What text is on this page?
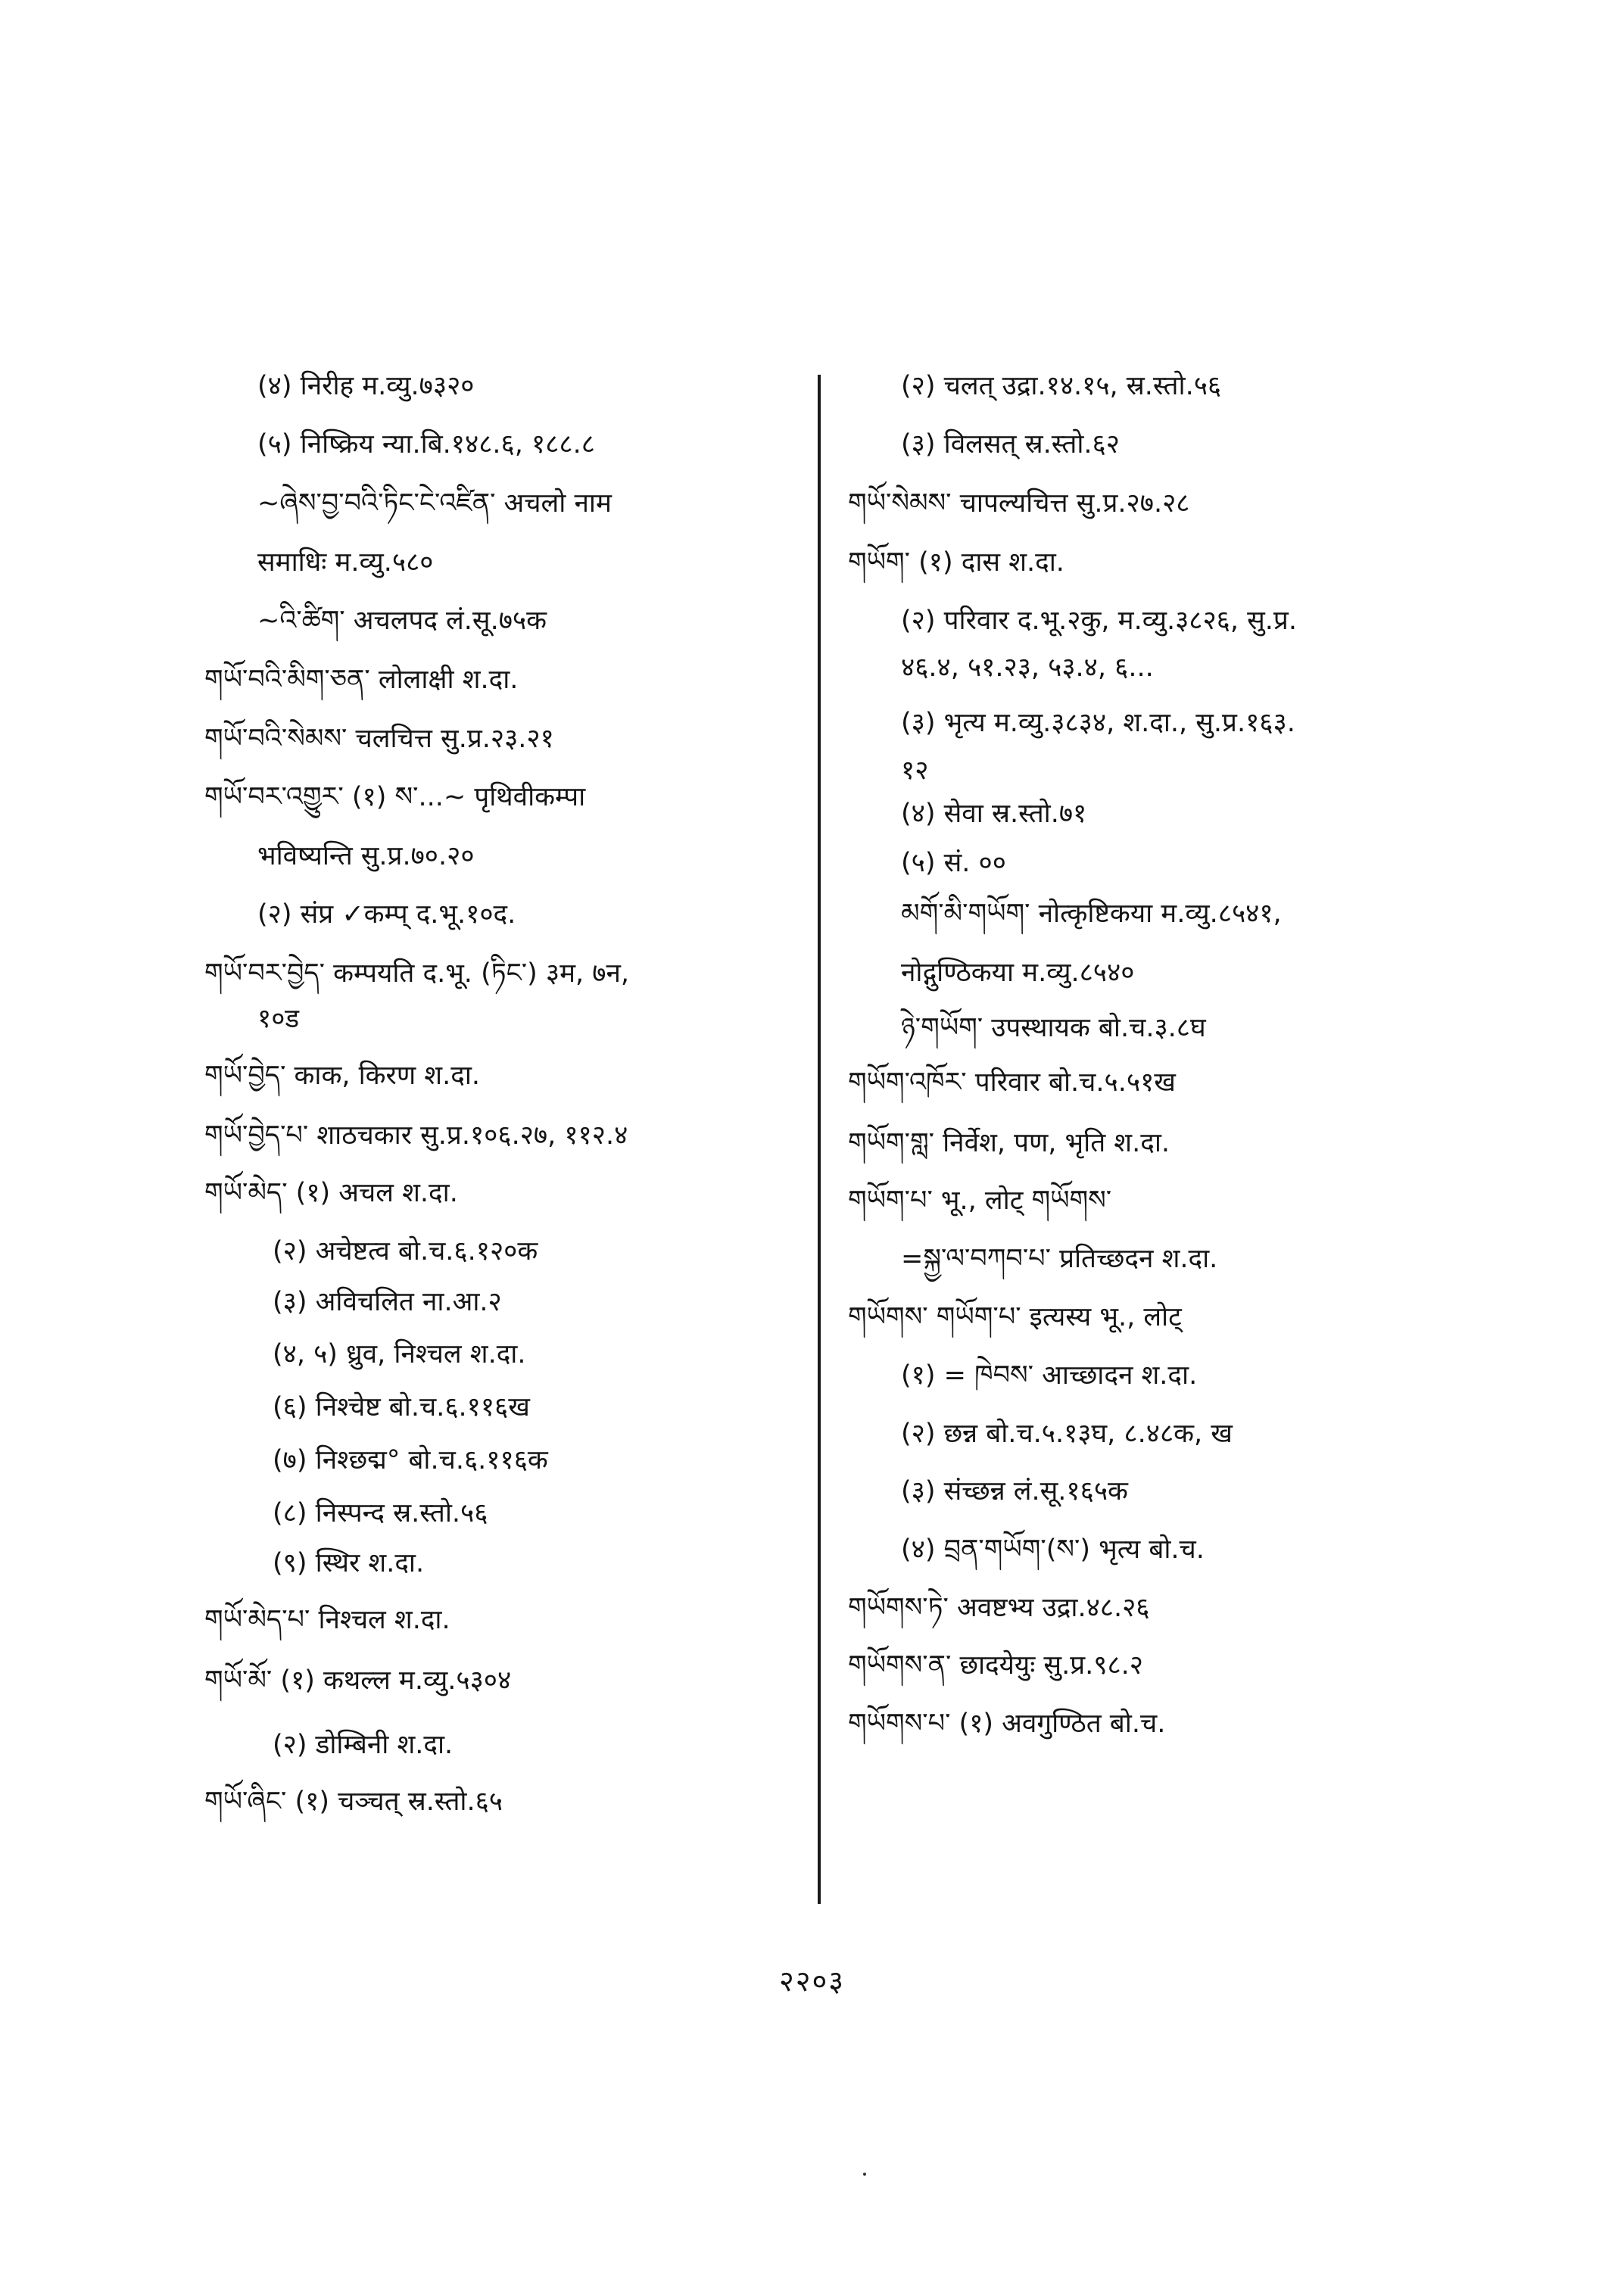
(४) निरीह म.व्यु.७३२०
(५) निष्क्रिय न्या.बि.१४८.६, १८८.८
~ཞེས་བྱ་བའི་ཏིང་ངེ་འཛིན་ अचलो नाम
समाधिः म.व्यु.५८०
~འི་ཚིག་ अचलपद लं.सू.७५क
གཡོ་བའི་མིག་ཅན་ लोलाक्षी श.दा.
གཡོ་བའི་སེམས་ चलचित्त सु.प्र.२३.२१
གཡོ་བར་འགྱུར་ (१) ས་...~ पृथिवीकम्पा
भविष्यन्ति सु.प्र.७०.२०
(२) संप्र ✓कम्प् द.भू.१०द.
གཡོ་བར་བྱེད་ कम्पयति द.भू. (ཏིང་) ३म, ७न,
१०ड
གཡོ་བྱེད་ काक, किरण श.दा.
གཡོ་བྱེད་པ་ शाठचकार सु.प्र.१०६.२७, ११२.४
གཡོ་མེད་ (१) अचल श.दा.
(२) अचेष्टत्व बो.च.६.१२०क
(३) अविचलित ना.आ.२
(४, ५) ध्रुव, निश्चल श.दा.
(६) निश्चेष्ट बो.च.६.११६ख
(७) निश्छद्म° बो.च.६.११६क
(८) निस्पन्द स्र.स्तो.५६
(९) स्थिर श.दा.
གཡོ་མེད་པ་ निश्चल श.दा.
གཡོ་མོ་ (१) कथल्ल म.व्यु.५३०४
(२) डोम्बिनी श.दा.
གཡོ་ཞིང་ (१) चञ्चत् स्र.स्तो.६५
(२) चलत् उद्रा.१४.१५, स्र.स्तो.५६
(३) विलसत् स्र.स्तो.६२
གཡོ་སེམས་ चापल्यचित्त सु.प्र.२७.२८
གཡོག་ (१) दास श.दा.
(२) परिवार द.भू.२कु, म.व्यु.३८२६, सु.प्र.
४६.४, ५१.२३, ५३.४, ६...
(३) भृत्य म.व्यु.३८३४, श.दा., सु.प्र.१६३.
१२
(४) सेवा स्र.स्तो.७१
(५) सं. ००
མགོ་མི་གཡོག་ नोत्कृष्टिकया म.व्यु.८५४१,
नोद्गुण्ठिकया म.व्यु.८५४०
ཉེ་གཡོག་ उपस्थायक बो.च.३.८घ
གཡོག་འཁོར་ परिवार बो.च.५.५१ख
གཡོག་གླ་ निर्वेश, पण, भृति श.दा.
གཡོག་པ་ भू., लोट् གཡོགས་
=སྐྱ་ལ་བཀབ་པ་ प्रतिच्छदन श.दा.
གཡོགས་ གཡོག་པ་ इत्यस्य भू., लोट्
(१) = ཁེབས་ आच्छादन श.दा.
(२) छन्न बो.च.५.१३घ, ८.४८क, ख
(३) संच्छन्न लं.सू.१६५क
(४) བྲན་གཡོག་(ས་) भृत्य बो.च.
གཡོགས་ཏེ་ अवष्टभ्य उद्रा.४८.२६
གཡོགས་ན་ छादयेयुः सु.प्र.९८.२
གཡོགས་པ་ (१) अवगुण्ठित बो.च.
२२०३
